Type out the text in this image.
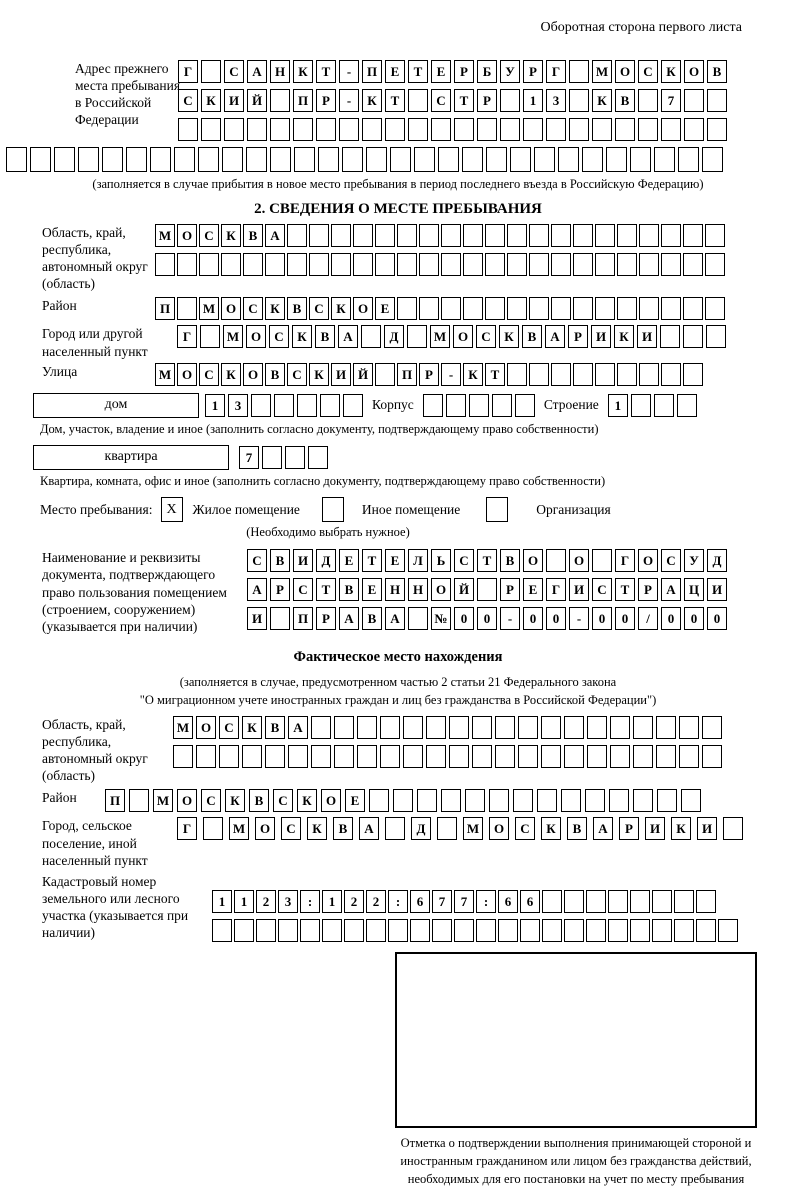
Оборотная сторона первого листа
Адрес прежнего места пребывания в Российской Федерации
Г	С	А	Н	К	Т	-	П	Е	Т	Е	Р	Б	У	Р	Г	М О	С	К	О	В
С	К	И Й	П	Р	-	К	Т	С	Т	Р	1	3	К	В	7
(заполняется в случае прибытия в новое место пребывания в период последнего въезда в Российскую Федерацию)
2. СВЕДЕНИЯ О МЕСТЕ ПРЕБЫВАНИЯ
Область, край, республика, автономный округ (область)
М О С К В А
Район	П	М О С К В С К О Е
Город или другой населенный пункт
Г	М О	С	К	В	А	Д	М О	С	К	В	А	Р	И	К	И
Улица	М О С К О В С К И Й	П Р	-	К Т
дом	1	3	Корпус	Строение	1
Дом, участок, владение и иное (заполнить согласно документу, подтверждающему право собственности)
квартира	7
Квартира, комната, офис и иное (заполнить согласно документу, подтверждающему право собственности)
Место пребывания: X	Жилое помещение	Иное помещение	Организация
(Необходимо выбрать нужное)
Наименование и реквизиты документа, подтверждающего право пользования помещением (строением, сооружением) (указывается при наличии)
С	В	И	Д	Е	Т	Е	Л	Ь	С	Т	В	О	О	Г	О	С	У	Д
А	Р	С	Т	В	Е	Н Н О Й	Р	Е	Г	И	С	Т	Р	А	Ц И
И	П	Р	А	В	А	№	0	0	-	0	0	-	0	0	/	0	0	0
Фактическое место нахождения
(заполняется в случае, предусмотренном частью 2 статьи 21 Федерального закона
"О миграционном учете иностранных граждан и лиц без гражданства в Российской Федерации")
Область, край, республика, автономный округ (область)
М О	С	К	В	А
Район	П	М О	С	К	В	С	К	О	Е
Город, сельское поселение, иной населенный пункт
Г	М	О	С	К	В	А	Д	М	О	С	К	В	А	Р	И	К	И
Кадастровый номер земельного или лесного участка (указывается при наличии)
1	1	2	3	:	1	2	2	:	6	7	7	:	6	6
Отметка о подтверждении выполнения принимающей стороной и иностранным гражданином или лицом без гражданства действий, необходимых для его постановки на учет по месту пребывания
